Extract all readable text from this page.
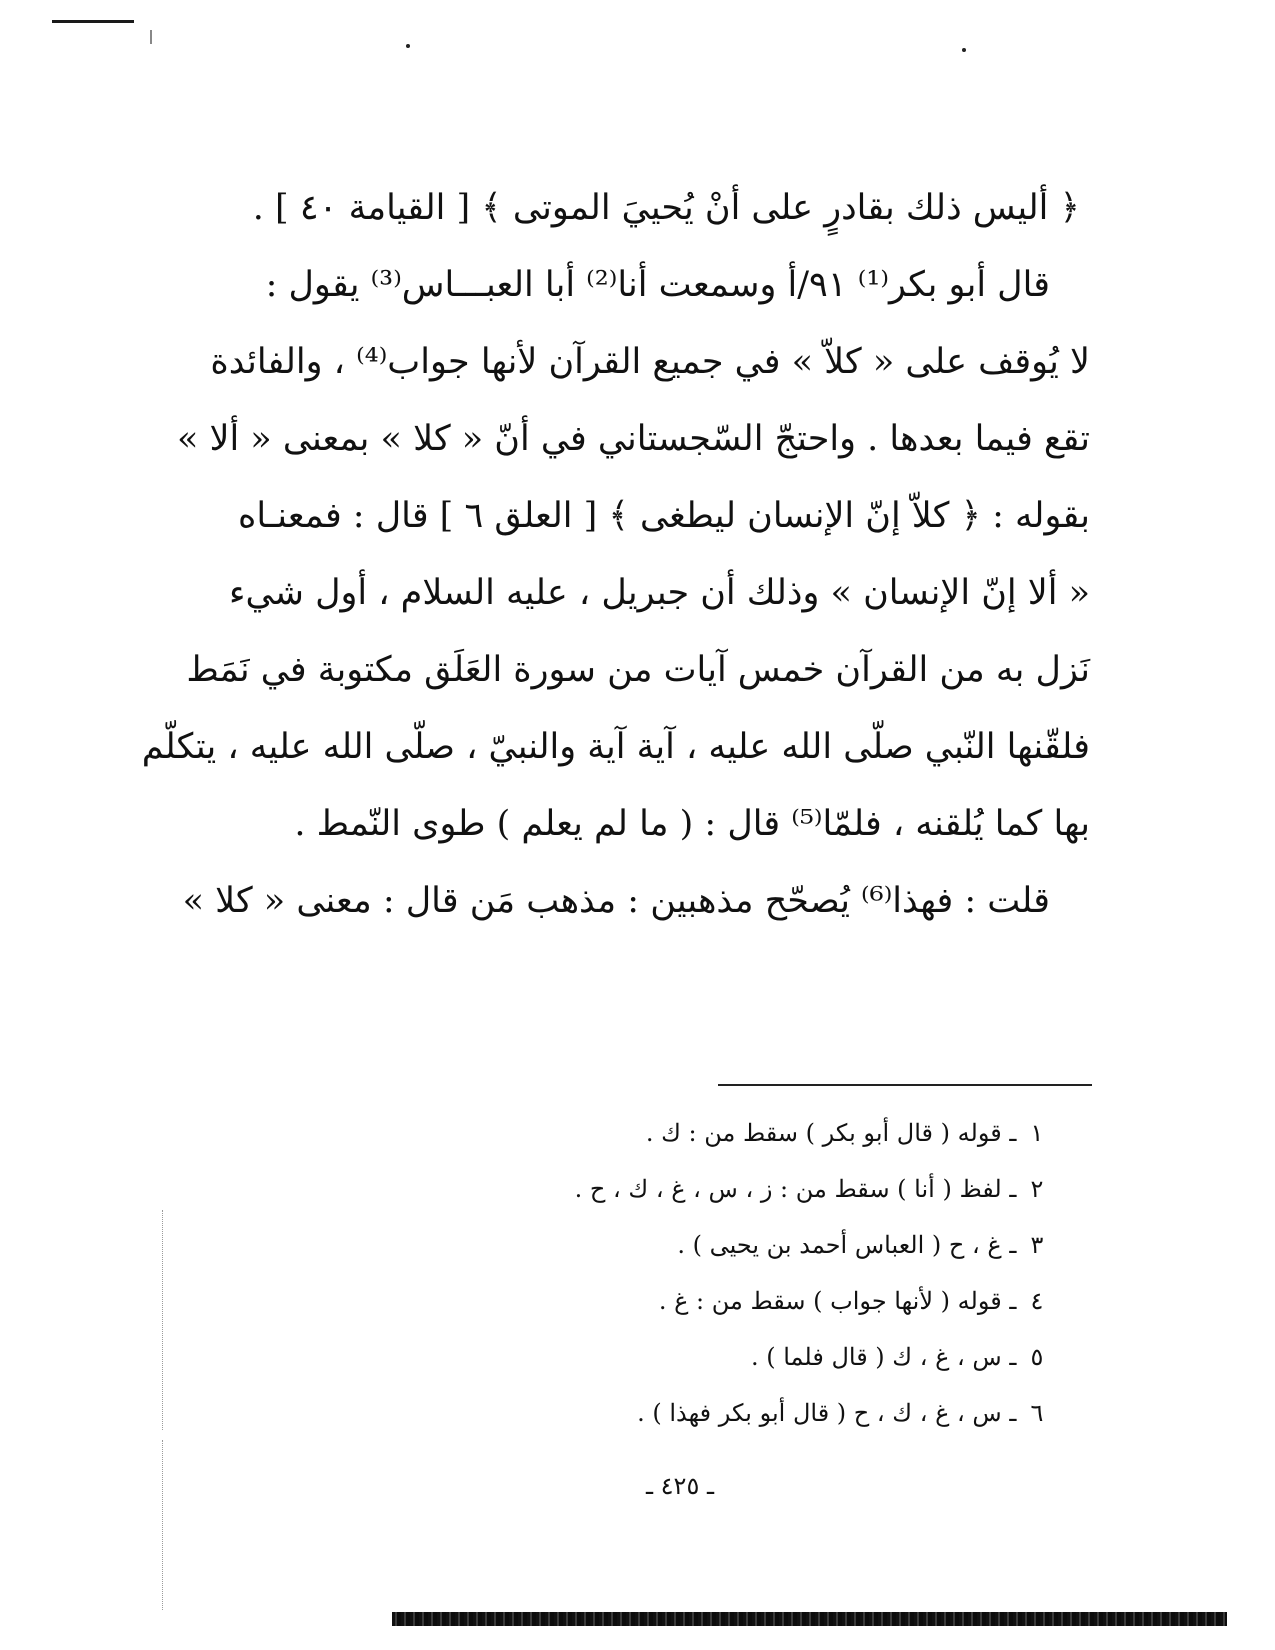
﴿ أليس ذلك بقادرٍ على أنْ يُحييَ الموتى ﴾ [ القيامة ٤٠ ] .
قال أبو بكر⁽¹⁾ ٩١/أ وسمعت أنا⁽²⁾ أبا العبـــاس⁽³⁾ يقول :
لا يُوقف على « كلاّ » في جميع القرآن لأنها جواب⁽⁴⁾ ، والفائدة
تقع فيما بعدها . واحتجّ السّجستاني في أنّ « كلا » بمعنى « ألا »
بقوله : ﴿ كلاّ إنّ الإنسان ليطغى ﴾ [ العلق ٦ ] قال : فمعنـاه
« ألا إنّ الإنسان » وذلك أن جبريل ، عليه السلام ، أول شيء
نَزل به من القرآن خمس آيات من سورة العَلَق مكتوبة في نَمَط
فلقّنها النّبي صلّى الله عليه ، آية آية والنبيّ ، صلّى الله عليه ، يتكلّم
بها كما يُلقنه ، فلمّا⁽⁵⁾ قال : ( ما لم يعلم ) طوى النّمط .
قلت : فهذا⁽⁶⁾ يُصحّح مذهبين : مذهب مَن قال : معنى « كلا »
١ ـ قوله ( قال أبو بكر ) سقط من : ك .
٢ ـ لفظ ( أنا ) سقط من : ز ، س ، غ ، ك ، ح .
٣ ـ غ ، ح ( العباس أحمد بن يحيى ) .
٤ ـ قوله ( لأنها جواب ) سقط من : غ .
٥ ـ س ، غ ، ك ( قال فلما ) .
٦ ـ س ، غ ، ك ، ح ( قال أبو بكر فهذا ) .
ـ ٤٢٥ ـ
